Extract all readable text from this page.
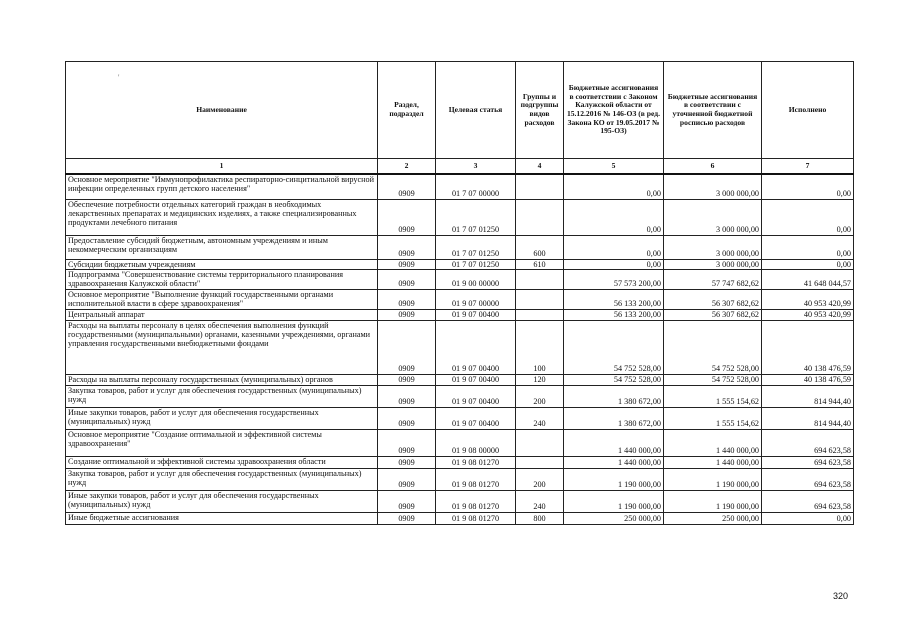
'
Наименование	Раздел, подраздел	Целевая статья	Группы и подгруппы видов расходов	Бюджетные ассигнования в соответствии с Законом Калужской области от 15.12.2016 № 146-ОЗ (в ред. Закона КО от 19.05.2017 № 195-ОЗ)	Бюджетные ассигнования в соответствии с уточненной бюджетной росписью расходов	Исполнено
1	2	3	4	5	6	7
Основное мероприятие "Иммунопрофилактика респираторно-синцитиальной вирусной инфекции определенных групп детского населения"	0909	01 7 07 00000		0,00	3 000 000,00	0,00
Обеспечение потребности отдельных категорий граждан в необходимых лекарственных препаратах и медицинских изделиях, а также специализированных продуктами лечебного питания	0909	01 7 07 01250		0,00	3 000 000,00	0,00
Предоставление субсидий бюджетным, автономным учреждениям и иным некоммерческим организациям	0909	01 7 07 01250	600	0,00	3 000 000,00	0,00
Субсидии бюджетным учреждениям	0909	01 7 07 01250	610	0,00	3 000 000,00	0,00
Подпрограмма "Совершенствование системы территориального планирования здравоохранения Калужской области"	0909	01 9 00 00000		57 573 200,00	57 747 682,62	41 648 044,57
Основное мероприятие "Выполнение функций государственными органами исполнительной власти в сфере здравоохранения"	0909	01 9 07 00000		56 133 200,00	56 307 682,62	40 953 420,99
Центральный аппарат	0909	01 9 07 00400		56 133 200,00	56 307 682,62	40 953 420,99
Расходы на выплаты персоналу в целях обеспечения выполнения функций государственными (муниципальными) органами, казенными учреждениями, органами управления государственными внебюджетными фондами	0909	01 9 07 00400	100	54 752 528,00	54 752 528,00	40 138 476,59
Расходы на выплаты персоналу государственных (муниципальных) органов	0909	01 9 07 00400	120	54 752 528,00	54 752 528,00	40 138 476,59
Закупка товаров, работ и услуг для обеспечения государственных (муниципальных) нужд	0909	01 9 07 00400	200	1 380 672,00	1 555 154,62	814 944,40
Иные закупки товаров, работ и услуг для обеспечения государственных (муниципальных) нужд	0909	01 9 07 00400	240	1 380 672,00	1 555 154,62	814 944,40
Основное мероприятие "Создание оптимальной и эффективной системы здравоохранения"	0909	01 9 08 00000		1 440 000,00	1 440 000,00	694 623,58
Создание оптимальной и эффективной системы здравоохранения области	0909	01 9 08 01270		1 440 000,00	1 440 000,00	694 623,58
Закупка товаров, работ и услуг для обеспечения государственных (муниципальных) нужд	0909	01 9 08 01270	200	1 190 000,00	1 190 000,00	694 623,58
Иные закупки товаров, работ и услуг для обеспечения государственных (муниципальных) нужд	0909	01 9 08 01270	240	1 190 000,00	1 190 000,00	694 623,58
Иные бюджетные ассигнования	0909	01 9 08 01270	800	250 000,00	250 000,00	0,00
320
